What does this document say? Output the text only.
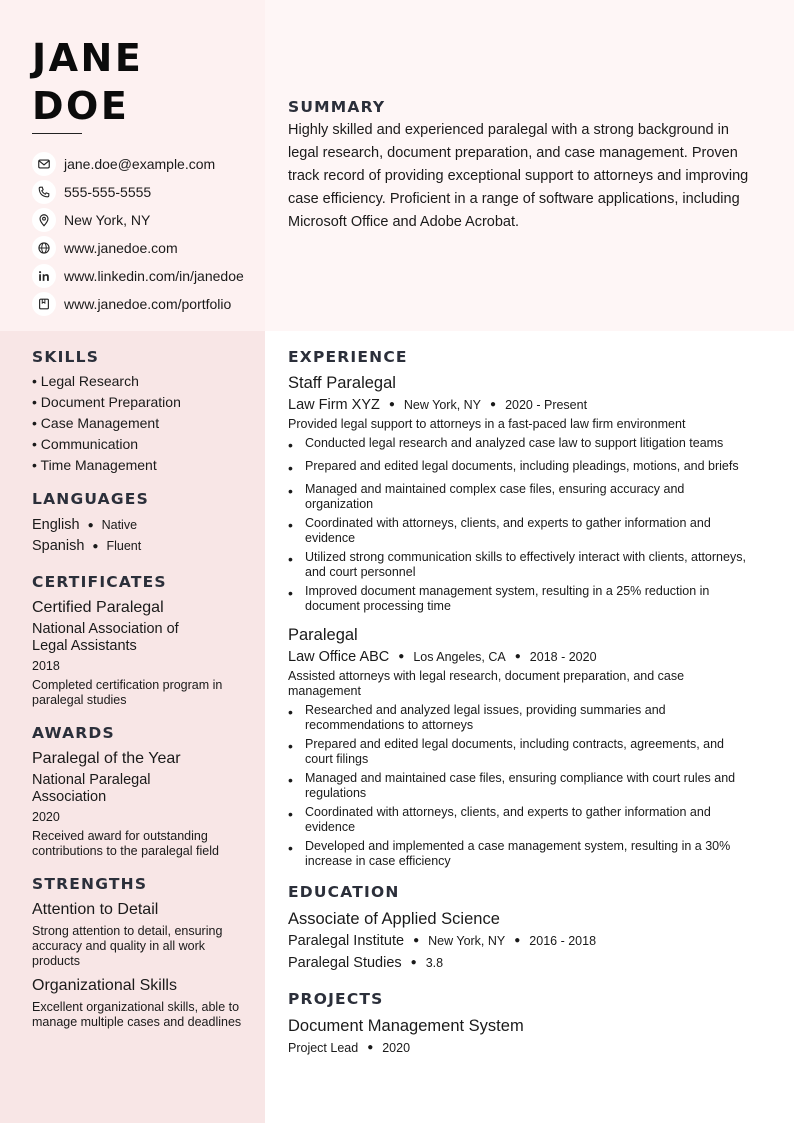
JANE
DOE
jane.doe@example.com
555-555-5555
New York, NY
www.janedoe.com
www.linkedin.com/in/janedoe
www.janedoe.com/portfolio
SUMMARY

Highly skilled and experienced paralegal with a strong background in legal research, document preparation, and case management. Proven track record of providing exceptional support to attorneys and improving case efficiency. Proficient in a range of software applications, including Microsoft Office and Adobe Acrobat.

SKILLS
• Legal Research
• Document Preparation
• Case Management
• Communication
• Time Management
LANGUAGES
English ● Native
Spanish ● Fluent
CERTIFICATES
Certified Paralegal
National Association of Legal Assistants
2018
Completed certification program in paralegal studies
AWARDS
Paralegal of the Year
National Paralegal Association
2020
Received award for outstanding contributions to the paralegal field
STRENGTHS
Attention to Detail
Strong attention to detail, ensuring accuracy and quality in all work products
Organizational Skills
Excellent organizational skills, able to manage multiple cases and deadlines
EXPERIENCE
Staff Paralegal
Law Firm XYZ ● New York, NY ● 2020 - Present
Provided legal support to attorneys in a fast-paced law firm environment
• Conducted legal research and analyzed case law to support litigation teams
• Prepared and edited legal documents, including pleadings, motions, and briefs
• Managed and maintained complex case files, ensuring accuracy and organization
• Coordinated with attorneys, clients, and experts to gather information and evidence
• Utilized strong communication skills to effectively interact with clients, attorneys, and court personnel
• Improved document management system, resulting in a 25% reduction in document processing time
Paralegal
Law Office ABC ● Los Angeles, CA ● 2018 - 2020
Assisted attorneys with legal research, document preparation, and case management
• Researched and analyzed legal issues, providing summaries and recommendations to attorneys
• Prepared and edited legal documents, including contracts, agreements, and court filings
• Managed and maintained case files, ensuring compliance with court rules and regulations
• Coordinated with attorneys, clients, and experts to gather information and evidence
• Developed and implemented a case management system, resulting in a 30% increase in case efficiency
EDUCATION
Associate of Applied Science
Paralegal Institute ● New York, NY ● 2016 - 2018
Paralegal Studies ● 3.8
PROJECTS
Document Management System
Project Lead ● 2020
